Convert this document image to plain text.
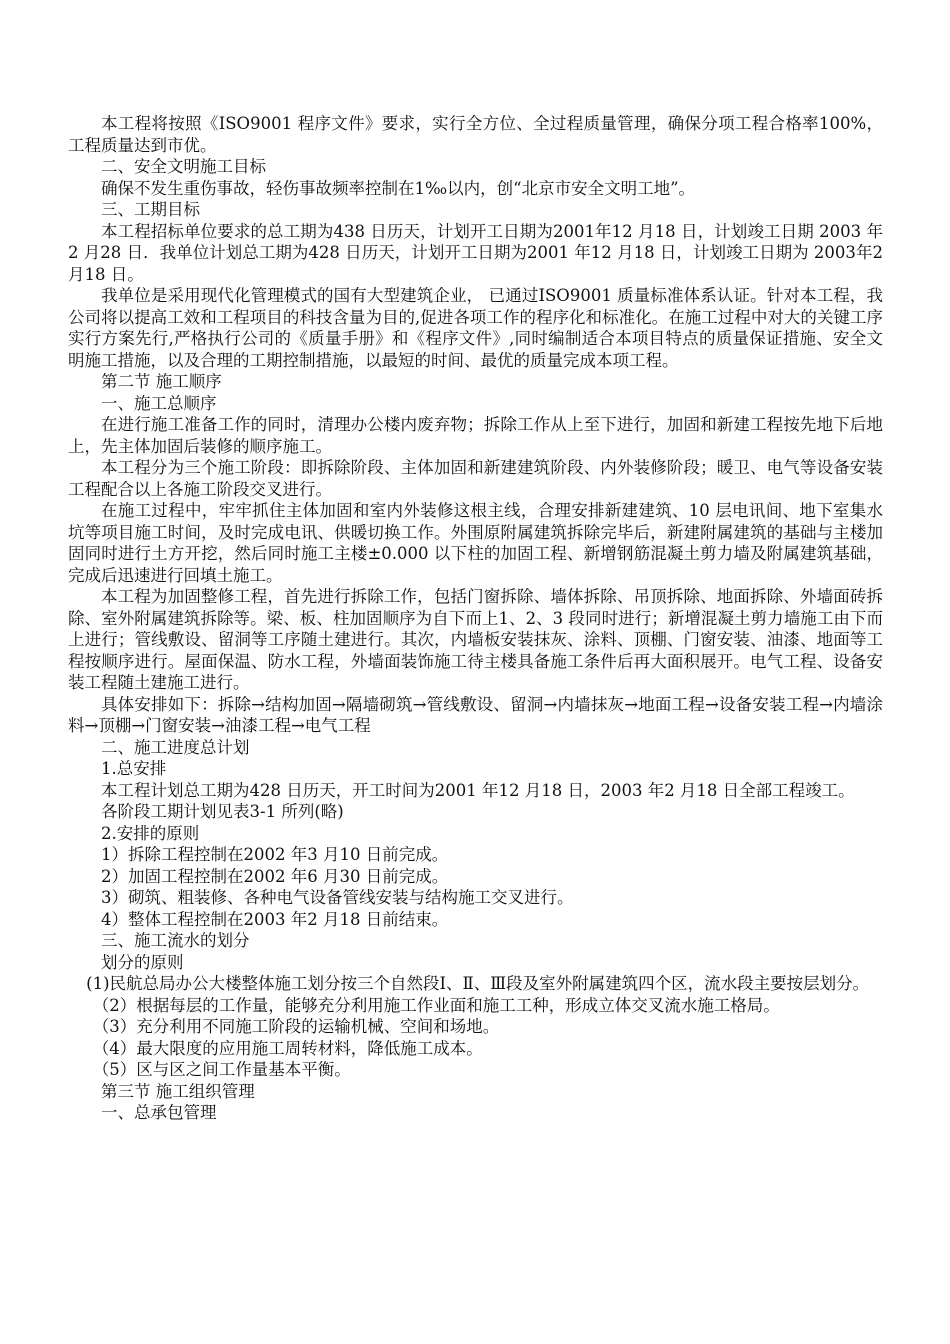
本工程将按照《ISO9001 程序文件》要求，实行全方位、全过程质量管理，确保分项工程合格率100%，工程质量达到市优。

二、安全文明施工目标

确保不发生重伤事故，轻伤事故频率控制在1‰以内，创“北京市安全文明工地”。

三、工期目标

本工程招标单位要求的总工期为438 日历天，计划开工日期为2001年12 月18 日，计划竣工日期 2003 年2 月28 日．我单位计划总工期为428 日历天，计划开工日期为2001 年12 月18 日，计划竣工日期为 2003年2 月18 日。

我单位是采用现代化管理模式的国有大型建筑企业， 已通过ISO9001 质量标准体系认证。针对本工程，我公司将以提高工效和工程项目的科技含量为目的,促进各项工作的程序化和标准化。在施工过程中对大的关键工序实行方案先行,严格执行公司的《质量手册》和《程序文件》,同时编制适合本项目特点的质量保证措施、安全文明施工措施，以及合理的工期控制措施，以最短的时间、最优的质量完成本项工程。

第二节 施工顺序

一、施工总顺序

在进行施工准备工作的同时，清理办公楼内废弃物；拆除工作从上至下进行，加固和新建工程按先地下后地上，先主体加固后装修的顺序施工。

本工程分为三个施工阶段：即拆除阶段、主体加固和新建建筑阶段、内外装修阶段；暖卫、电气等设备安装工程配合以上各施工阶段交叉进行。

在施工过程中，牢牢抓住主体加固和室内外装修这根主线，合理安排新建建筑、10 层电讯间、地下室集水坑等项目施工时间，及时完成电讯、供暖切换工作。外围原附属建筑拆除完毕后，新建附属建筑的基础与主楼加固同时进行土方开挖，然后同时施工主楼±0.000 以下柱的加固工程、新增钢筋混凝土剪力墙及附属建筑基础，完成后迅速进行回填土施工。

本工程为加固整修工程，首先进行拆除工作，包括门窗拆除、墙体拆除、吊顶拆除、地面拆除、外墙面砖拆除、室外附属建筑拆除等。梁、板、柱加固顺序为自下而上1、2、3 段同时进行；新增混凝土剪力墙施工由下而上进行；管线敷设、留洞等工序随土建进行。其次，内墙板安装抹灰、涂料、顶棚、门窗安装、油漆、地面等工程按顺序进行。屋面保温、防水工程，外墙面装饰施工待主楼具备施工条件后再大面积展开。电气工程、设备安装工程随土建施工进行。

具体安排如下：拆除→结构加固→隔墙砌筑→管线敷设、留洞→内墙抹灰→地面工程→设备安装工程→内墙涂料→顶棚→门窗安装→油漆工程→电气工程

二、施工进度总计划

1.总安排

本工程计划总工期为428 日历天，开工时间为2001 年12 月18 日，2003 年2 月18 日全部工程竣工。

各阶段工期计划见表3-1 所列(略)

2.安排的原则

1）拆除工程控制在2002 年3 月10 日前完成。

2）加固工程控制在2002 年6 月30 日前完成。

3）砌筑、粗装修、各种电气设备管线安装与结构施工交叉进行。

4）整体工程控制在2003 年2 月18 日前结束。

三、施工流水的划分

划分的原则

(1)民航总局办公大楼整体施工划分按三个自然段Ⅰ、Ⅱ、Ⅲ段及室外附属建筑四个区，流水段主要按层划分。

（2）根据每层的工作量，能够充分利用施工作业面和施工工种，形成立体交叉流水施工格局。

（3）充分利用不同施工阶段的运输机械、空间和场地。

（4）最大限度的应用施工周转材料，降低施工成本。

（5）区与区之间工作量基本平衡。

第三节 施工组织管理

一、总承包管理
